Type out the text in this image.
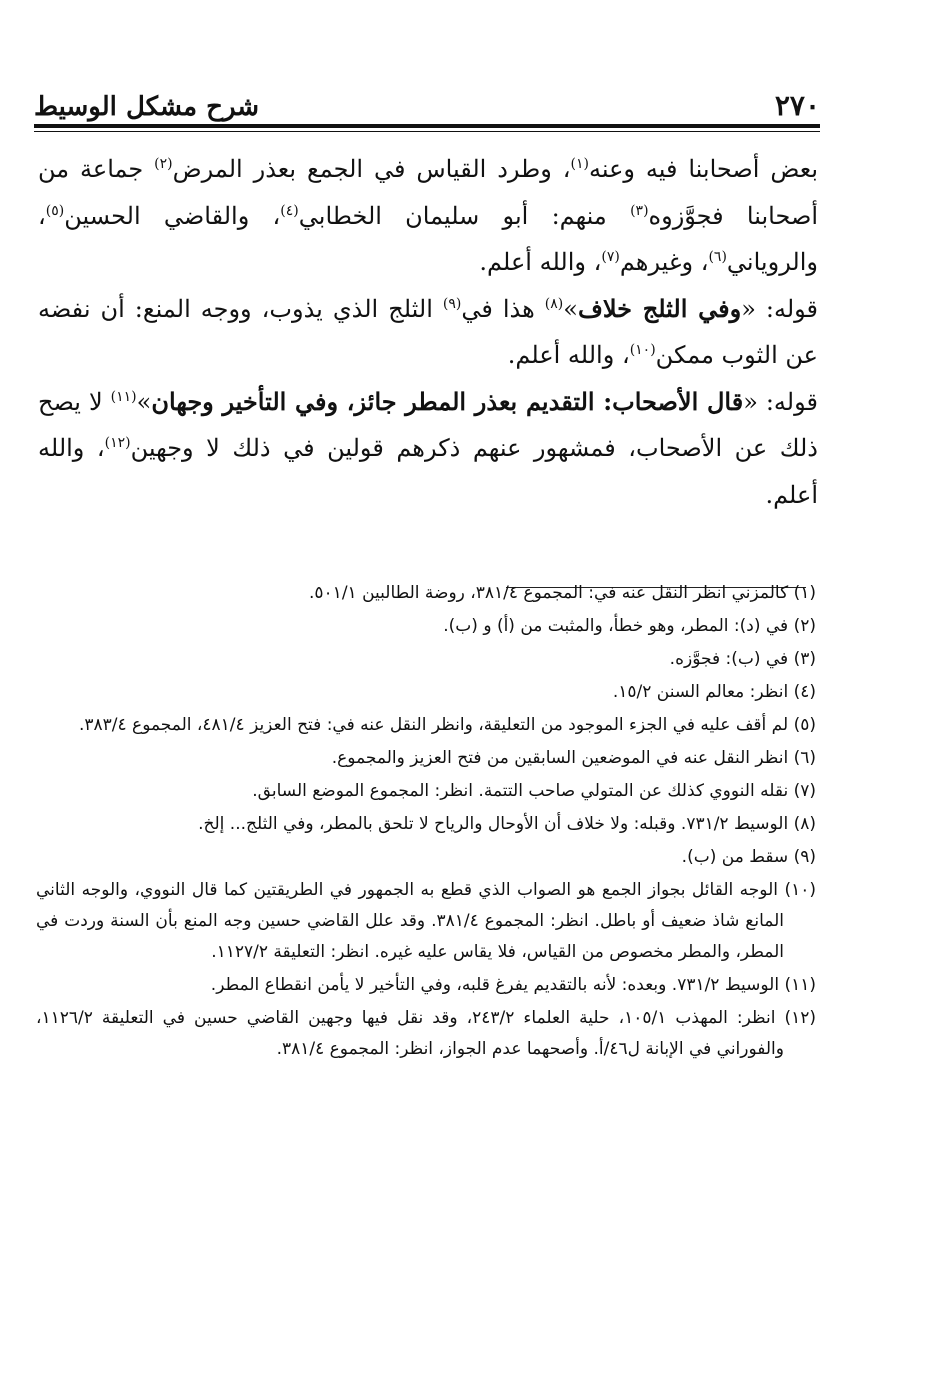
٢٧٠
شرح مشكل الوسيط

بعض أصحابنا فيه وعنه$^{(١)}$، وطرد القياس في الجمع بعذر المرض$^{(٢)}$ جماعة من أصحابنا فجوَّزوه$^{(٣)}$ منهم: أبو سليمان الخطابي$^{(٤)}$، والقاضي الحسين$^{(٥)}$، والروياني$^{(٦)}$، وغيرهم$^{(٧)}$، والله أعلم.

قوله: «وفي الثلج خلاف»$^{(٨)}$ هذا في$^{(٩)}$ الثلج الذي يذوب، ووجه المنع: أن نفضه عن الثوب ممكن$^{(١٠)}$، والله أعلم.

قوله: «قال الأصحاب: التقديم بعذر المطر جائز، وفي التأخير وجهان»$^{(١١)}$ لا يصح ذلك عن الأصحاب، فمشهور عنهم ذكرهم قولين في ذلك لا وجهين$^{(١٢)}$، والله أعلم.

(١) كالمزني انظر النقل عنه في: المجموع ٣٨١/٤، روضة الطالبين ٥٠١/١.

(٢) في (د): المطر، وهو خطأ، والمثبت من (أ) و (ب).

(٣) في (ب): فجوَّزه.

(٤) انظر: معالم السنن ١٥/٢.

(٥) لم أقف عليه في الجزء الموجود من التعليقة، وانظر النقل عنه في: فتح العزيز ٤٨١/٤، المجموع ٣٨٣/٤.

(٦) انظر النقل عنه في الموضعين السابقين من فتح العزيز والمجموع.

(٧) نقله النووي كذلك عن المتولي صاحب التتمة. انظر: المجموع الموضع السابق.

(٨) الوسيط ٧٣١/٢. وقبله: ولا خلاف أن الأوحال والرياح لا تلحق بالمطر، وفي الثلج... إلخ.

(٩) سقط من (ب).

(١٠) الوجه القائل بجواز الجمع هو الصواب الذي قطع به الجمهور في الطريقتين كما قال النووي، والوجه الثاني المانع شاذ ضعيف أو باطل. انظر: المجموع ٣٨١/٤. وقد علل القاضي حسين وجه المنع بأن السنة وردت في المطر، والمطر مخصوص من القياس، فلا يقاس عليه غيره. انظر: التعليقة ١١٢٧/٢.

(١١) الوسيط ٧٣١/٢. وبعده: لأنه بالتقديم يفرغ قلبه، وفي التأخير لا يأمن انقطاع المطر.

(١٢) انظر: المهذب ١٠٥/١، حلية العلماء ٢٤٣/٢، وقد نقل فيها وجهين القاضي حسين في التعليقة ١١٢٦/٢، والفوراني في الإبانة ل٤٦/أ. وأصحهما عدم الجواز، انظر: المجموع ٣٨١/٤.
